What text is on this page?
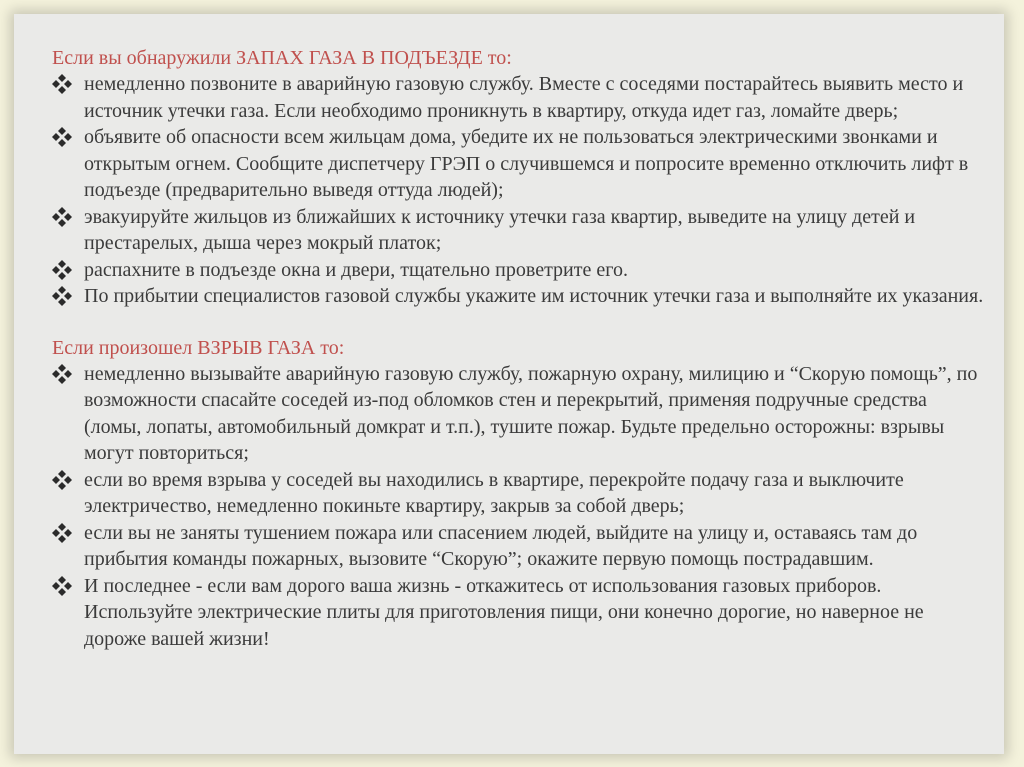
Если вы обнаружили ЗАПАХ ГАЗА В ПОДЪЕЗДЕ то:

немедленно позвоните в аварийную газовую службу. Вместе с соседями постарайтесь выявить место и источник утечки газа. Если необходимо проникнуть в квартиру, откуда идет газ, ломайте дверь;
объявите об опасности всем жильцам дома, убедите их не пользоваться электрическими звонками и открытым огнем. Сообщите диспетчеру ГРЭП о случившемся и попросите временно отключить лифт в подъезде (предварительно выведя оттуда людей);
эвакуируйте жильцов из ближайших к источнику утечки газа квартир, выведите на улицу детей и престарелых, дыша через мокрый платок;
распахните в подъезде окна и двери, тщательно проветрите его.
По прибытии специалистов газовой службы укажите им источник утечки газа и выполняйте их указания.

Если произошел ВЗРЫВ ГАЗА то:

немедленно вызывайте аварийную газовую службу, пожарную охрану, милицию и “Скорую помощь”, по возможности спасайте соседей из-под обломков стен и перекрытий, применяя подручные средства (ломы, лопаты, автомобильный домкрат и т.п.), тушите пожар. Будьте предельно осторожны: взрывы могут повториться;
если во время взрыва у соседей вы находились в квартире, перекройте подачу газа и выключите электричество, немедленно покиньте квартиру, закрыв за собой дверь;
если вы не заняты тушением пожара или спасением людей, выйдите на улицу и, оставаясь там до прибытия команды пожарных, вызовите “Скорую”; окажите первую помощь пострадавшим.
И последнее - если вам дорого ваша жизнь - откажитесь от использования газовых приборов. Используйте электрические плиты для приготовления пищи, они конечно дорогие, но наверное не дороже вашей жизни!
